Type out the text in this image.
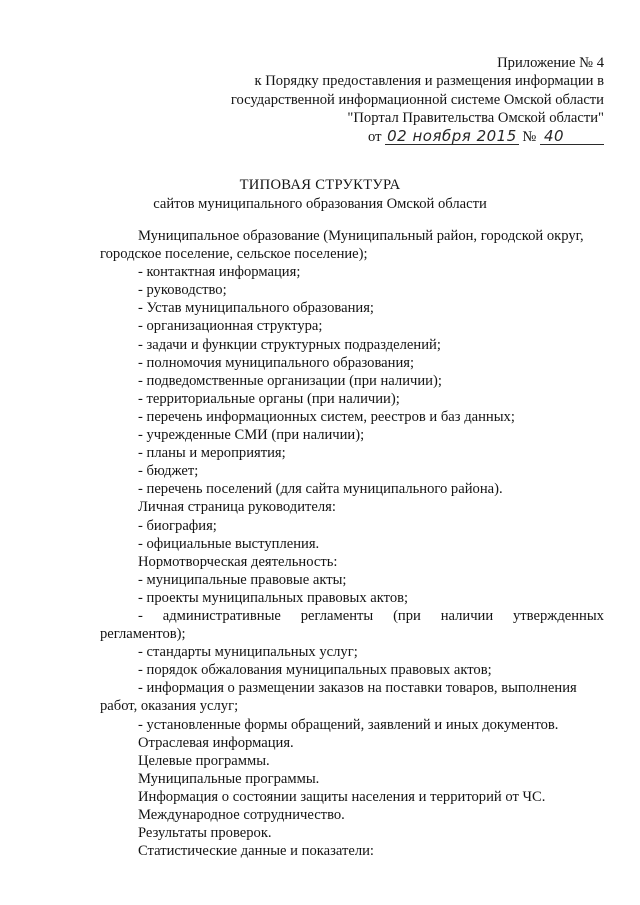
Приложение № 4
к Порядку предоставления и размещения информации в
государственной информационной системе Омской области
"Портал Правительства Омской области"
от 02 ноября 2015 № 40
ТИПОВАЯ СТРУКТУРА
сайтов муниципального образования Омской области
Муниципальное образование (Муниципальный район, городской округ,
городское поселение, сельское поселение);
- контактная информация;
- руководство;
- Устав муниципального образования;
- организационная структура;
- задачи и функции структурных подразделений;
- полномочия муниципального образования;
- подведомственные организации (при наличии);
- территориальные органы (при наличии);
- перечень информационных систем, реестров и баз данных;
- учрежденные СМИ (при наличии);
- планы и мероприятия;
- бюджет;
- перечень поселений (для сайта муниципального района).
Личная страница руководителя:
- биография;
- официальные выступления.
Нормотворческая деятельность:
- муниципальные правовые акты;
- проекты муниципальных правовых актов;
- административные регламенты (при наличии утвержденных
регламентов);
- стандарты муниципальных услуг;
- порядок обжалования муниципальных правовых актов;
- информация о размещении заказов на поставки товаров, выполнения
работ, оказания услуг;
- установленные формы обращений, заявлений и иных документов.
Отраслевая информация.
Целевые программы.
Муниципальные программы.
Информация о состоянии защиты населения и территорий от ЧС.
Международное сотрудничество.
Результаты проверок.
Статистические данные и показатели:
